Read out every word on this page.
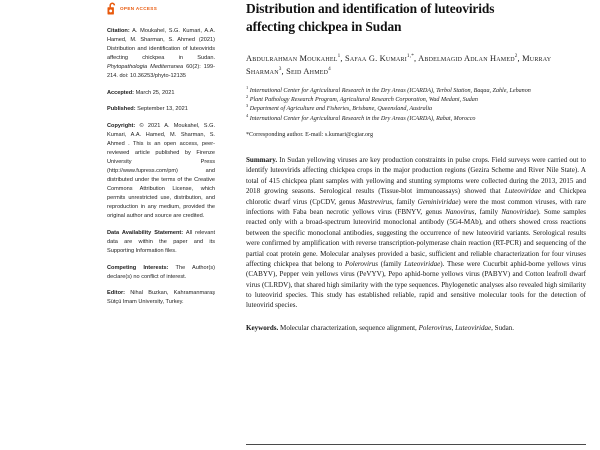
OPEN ACCESS
Citation: A. Moukahel, S.G. Kumari, A.A. Hamed, M. Sharman, S. Ahmed (2021) Distribution and identification of luteovirids affecting chickpea in Sudan. Phytopathologia Mediterranea 60(2): 199-214. doi: 10.36253/phyto-12135
Accepted: March 25, 2021
Published: September 13, 2021
Copyright: © 2021 A. Moukahel, S.G. Kumari, A.A. Hamed, M. Sharman, S. Ahmed . This is an open access, peer-reviewed article published by Firenze University Press (http://www.fupress.com/pm) and distributed under the terms of the Creative Commons Attribution License, which permits unrestricted use, distribution, and reproduction in any medium, provided the original author and source are credited.
Data Availability Statement: All relevant data are within the paper and its Supporting Information files.
Competing Interests: The Author(s) declare(s) no conflict of interest.
Editor: Nihal Buzkan, Kahramanmaraş Sütçü Imam University, Turkey.
Distribution and identification of luteovirids
affecting chickpea in Sudan
Abdulrahman Moukahel$^1$, Safaa G. Kumari$^{1,*}$, Abdelmagid Adlan Hamed$^2$, Murray Sharman$^3$, Seid Ahmed$^4$
$^1$ International Center for Agricultural Research in the Dry Areas (ICARDA), Terbol Station, Baqaa, Zahle, Lebanon
$^2$ Plant Pathology Research Program, Agricultural Research Corporation, Wad Medani, Sudan
$^3$ Department of Agriculture and Fisheries, Brisbane, Queensland, Australia
$^4$ International Center for Agricultural Research in the Dry Areas (ICARDA), Rabat, Morocco
*Corresponding author. E-mail: s.kumari@cgiar.org
Summary. In Sudan yellowing viruses are key production constraints in pulse crops. Field surveys were carried out to identify luteovirids affecting chickpea crops in the major production regions (Gezira Scheme and River Nile State). A total of 415 chickpea plant samples with yellowing and stunting symptoms were collected during the 2013, 2015 and 2018 growing seasons. Serological results (Tissue-blot immunoassays) showed that Luteoviridae and Chickpea chlorotic dwarf virus (CpCDV, genus Mastrevirus, family Geminiviridae) were the most common viruses, with rare infections with Faba bean necrotic yellows virus (FBNYV, genus Nanovirus, family Nanoviridae). Some samples reacted only with a broad-spectrum luteovirid monoclonal antibody (5G4-MAb), and others showed cross reactions between the specific monoclonal antibodies, suggesting the occurrence of new luteovirid variants. Serological results were confirmed by amplification with reverse transcription-polymerase chain reaction (RT-PCR) and sequencing of the partial coat protein gene. Molecular analyses provided a basic, sufficient and reliable characterization for four viruses affecting chickpea that belong to Polerovirus (family Luteoviridae). These were Cucurbit aphid-borne yellows virus (CABYV), Pepper vein yellows virus (PeVYV), Pepo aphid-borne yellows virus (PABYV) and Cotton leafroll dwarf virus (CLRDV), that shared high similarity with the type sequences. Phylogenetic analyses also revealed high similarity to luteovirid species. This study has established reliable, rapid and sensitive molecular tools for the detection of luteovirid species.
Keywords. Molecular characterization, sequence alignment, Polerovirus, Luteoviridae, Sudan.
